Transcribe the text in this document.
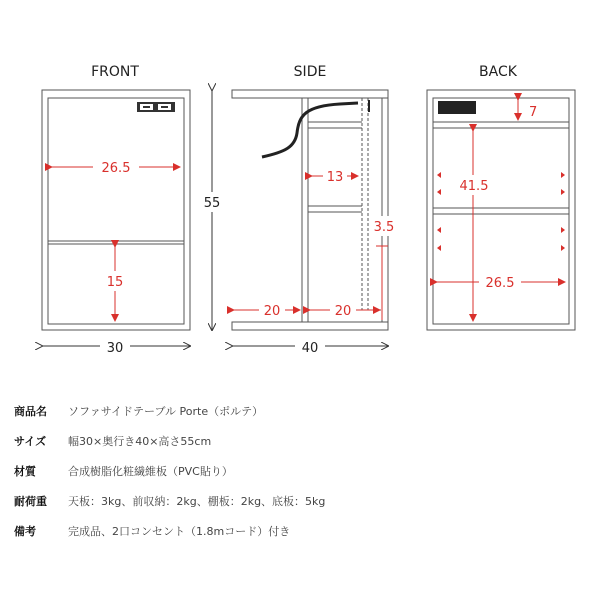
FRONT
26.5
15
30
55
SIDE
13
3.5
20	20
40
BACK
7
41.5
26.5
商品名	ソファサイドテーブル Porte（ポルテ）
サイズ	幅30×奥行き40×高さ55cm
材質	合成樹脂化粧繊維板（PVC貼り）
耐荷重	天板：3kg、前収納：2kg、棚板：2kg、底板：5kg
備考	完成品、2口コンセント（1.8mコード）付き
